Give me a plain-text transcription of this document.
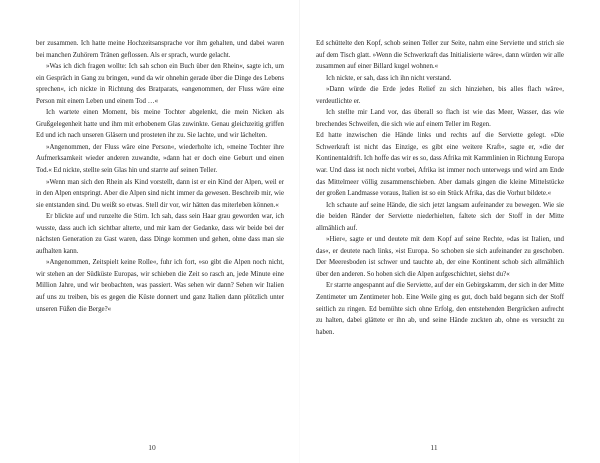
ber zusammen. Ich hatte meine Hochzeitsansprache vor ihm gehalten, und dabei waren bei manchen Zuhörern Tränen geflossen. Als er sprach, wurde gelacht.

»Was ich dich fragen wollte: Ich sah schon ein Buch über den Rhein«, sagte ich, um ein Gespräch in Gang zu bringen, »und da wir ohnehin gerade über die Dinge des Lebens sprechen«, ich nickte in Richtung des Bratparats, »angenommen, der Fluss wäre eine Person mit einem Leben und einem Tod …«

Ich wartete einen Moment, bis meine Tochter abgelenkt, die mein Nicken als Grußgelegenheit hatte und ihm mit erhobenem Glas zuwinkte. Genau gleichzeitig griffen Ed und ich nach unseren Gläsern und prosteten ihr zu. Sie lachte, und wir lächelten.

»Angenommen, der Fluss wäre eine Person«, wiederholte ich, »meine Tochter ihre Aufmerksamkeit wieder anderen zuwandte, »dann hat er doch eine Geburt und einen Tod.« Ed nickte, stellte sein Glas hin und starrte auf seinen Teller.

»Wenn man sich den Rhein als Kind vorstellt, dann ist er ein Kind der Alpen, weil er in den Alpen entspringt. Aber die Alpen sind nicht immer da gewesen. Beschreib mir, wie sie entstanden sind. Du weißt so etwas. Stell dir vor, wir hätten das miterleben können.«

Er blickte auf und runzelte die Stirn. Ich sah, dass sein Haar grau geworden war, ich wusste, dass auch ich sichtbar alterte, und mir kam der Gedanke, dass wir beide bei der nächsten Generation zu Gast waren, dass Dinge kommen und gehen, ohne dass man sie aufhalten kann.

»Angenommen, Zeitspielt keine Rolle«, fuhr ich fort, »so gibt die Alpen noch nicht, wir stehen an der Südküste Europas, wir schieben die Zeit so rasch an, jede Minute eine Million Jahre, und wir beobachten, was passiert. Was sehen wir dann? Sehen wir Italien auf uns zu treiben, bis es gegen die Küste donnert und ganz Italien dann plötzlich unter unseren Füßen die Berge?«

Ed schüttelte den Kopf, schob seinen Teller zur Seite, nahm eine Serviette und strich sie auf dem Tisch glatt. »Wenn die Schwerkraft das Initialisierte wäre«, dann würden wir alle zusammen auf einer Billard kugel wohnen.«

Ich nickte, er sah, dass ich ihn nicht verstand.

»Dann würde die Erde jedes Relief zu sich hinziehen, bis alles flach wäre«, verdeutlichte er.

Ich stellte mir Land vor, das überall so flach ist wie das Meer, Wasser, das wie brechendes Schweifen, die sich wie auf einem Teller im Regen.

Ed hatte inzwischen die Hände links und rechts auf die Serviette gelegt. »Die Schwerkraft ist nicht das Einzige, es gibt eine weitere Kraft«, sagte er, »die der Kontinentaldrift. Ich hoffe das wir es so, dass Afrika mit Kammlinien in Richtung Europa war. Und dass ist noch nicht vorbei, Afrika ist immer noch unterwegs und wird am Ende das Mittelmeer völlig zusammenschieben. Aber damals gingen die kleine Mittelstücke der großen Landmasse voraus, Italien ist so ein Stück Afrika, das die Vorhut bildete.«

Ich schaute auf seine Hände, die sich jetzt langsam aufeinander zu bewegen. Wie sie die beiden Ränder der Serviette niederhielten, faltete sich der Stoff in der Mitte allmählich auf.

»Hier«, sagte er und deutete mit dem Kopf auf seine Rechte, »das ist Italien, und das«, er deutete nach links, »ist Europa. So schoben sie sich aufeinander zu geschoben. Der Meeresboden ist schwer und tauchte ab, der eine Kontinent schob sich allmählich über den anderen. So hoben sich die Alpen aufgeschichtet, siehst du?«

Er starrte angespannt auf die Serviette, auf der ein Gebirgskamm, der sich in der Mitte Zentimeter um Zentimeter hob. Eine Weile ging es gut, doch bald begann sich der Stoff seitlich zu ringen. Ed bemühte sich ohne Erfolg, den entstehenden Bergrücken aufrecht zu halten, dabei glättete er ihn ab, und seine Hände zuckten ab, ohne es versucht zu haben.

10	11
